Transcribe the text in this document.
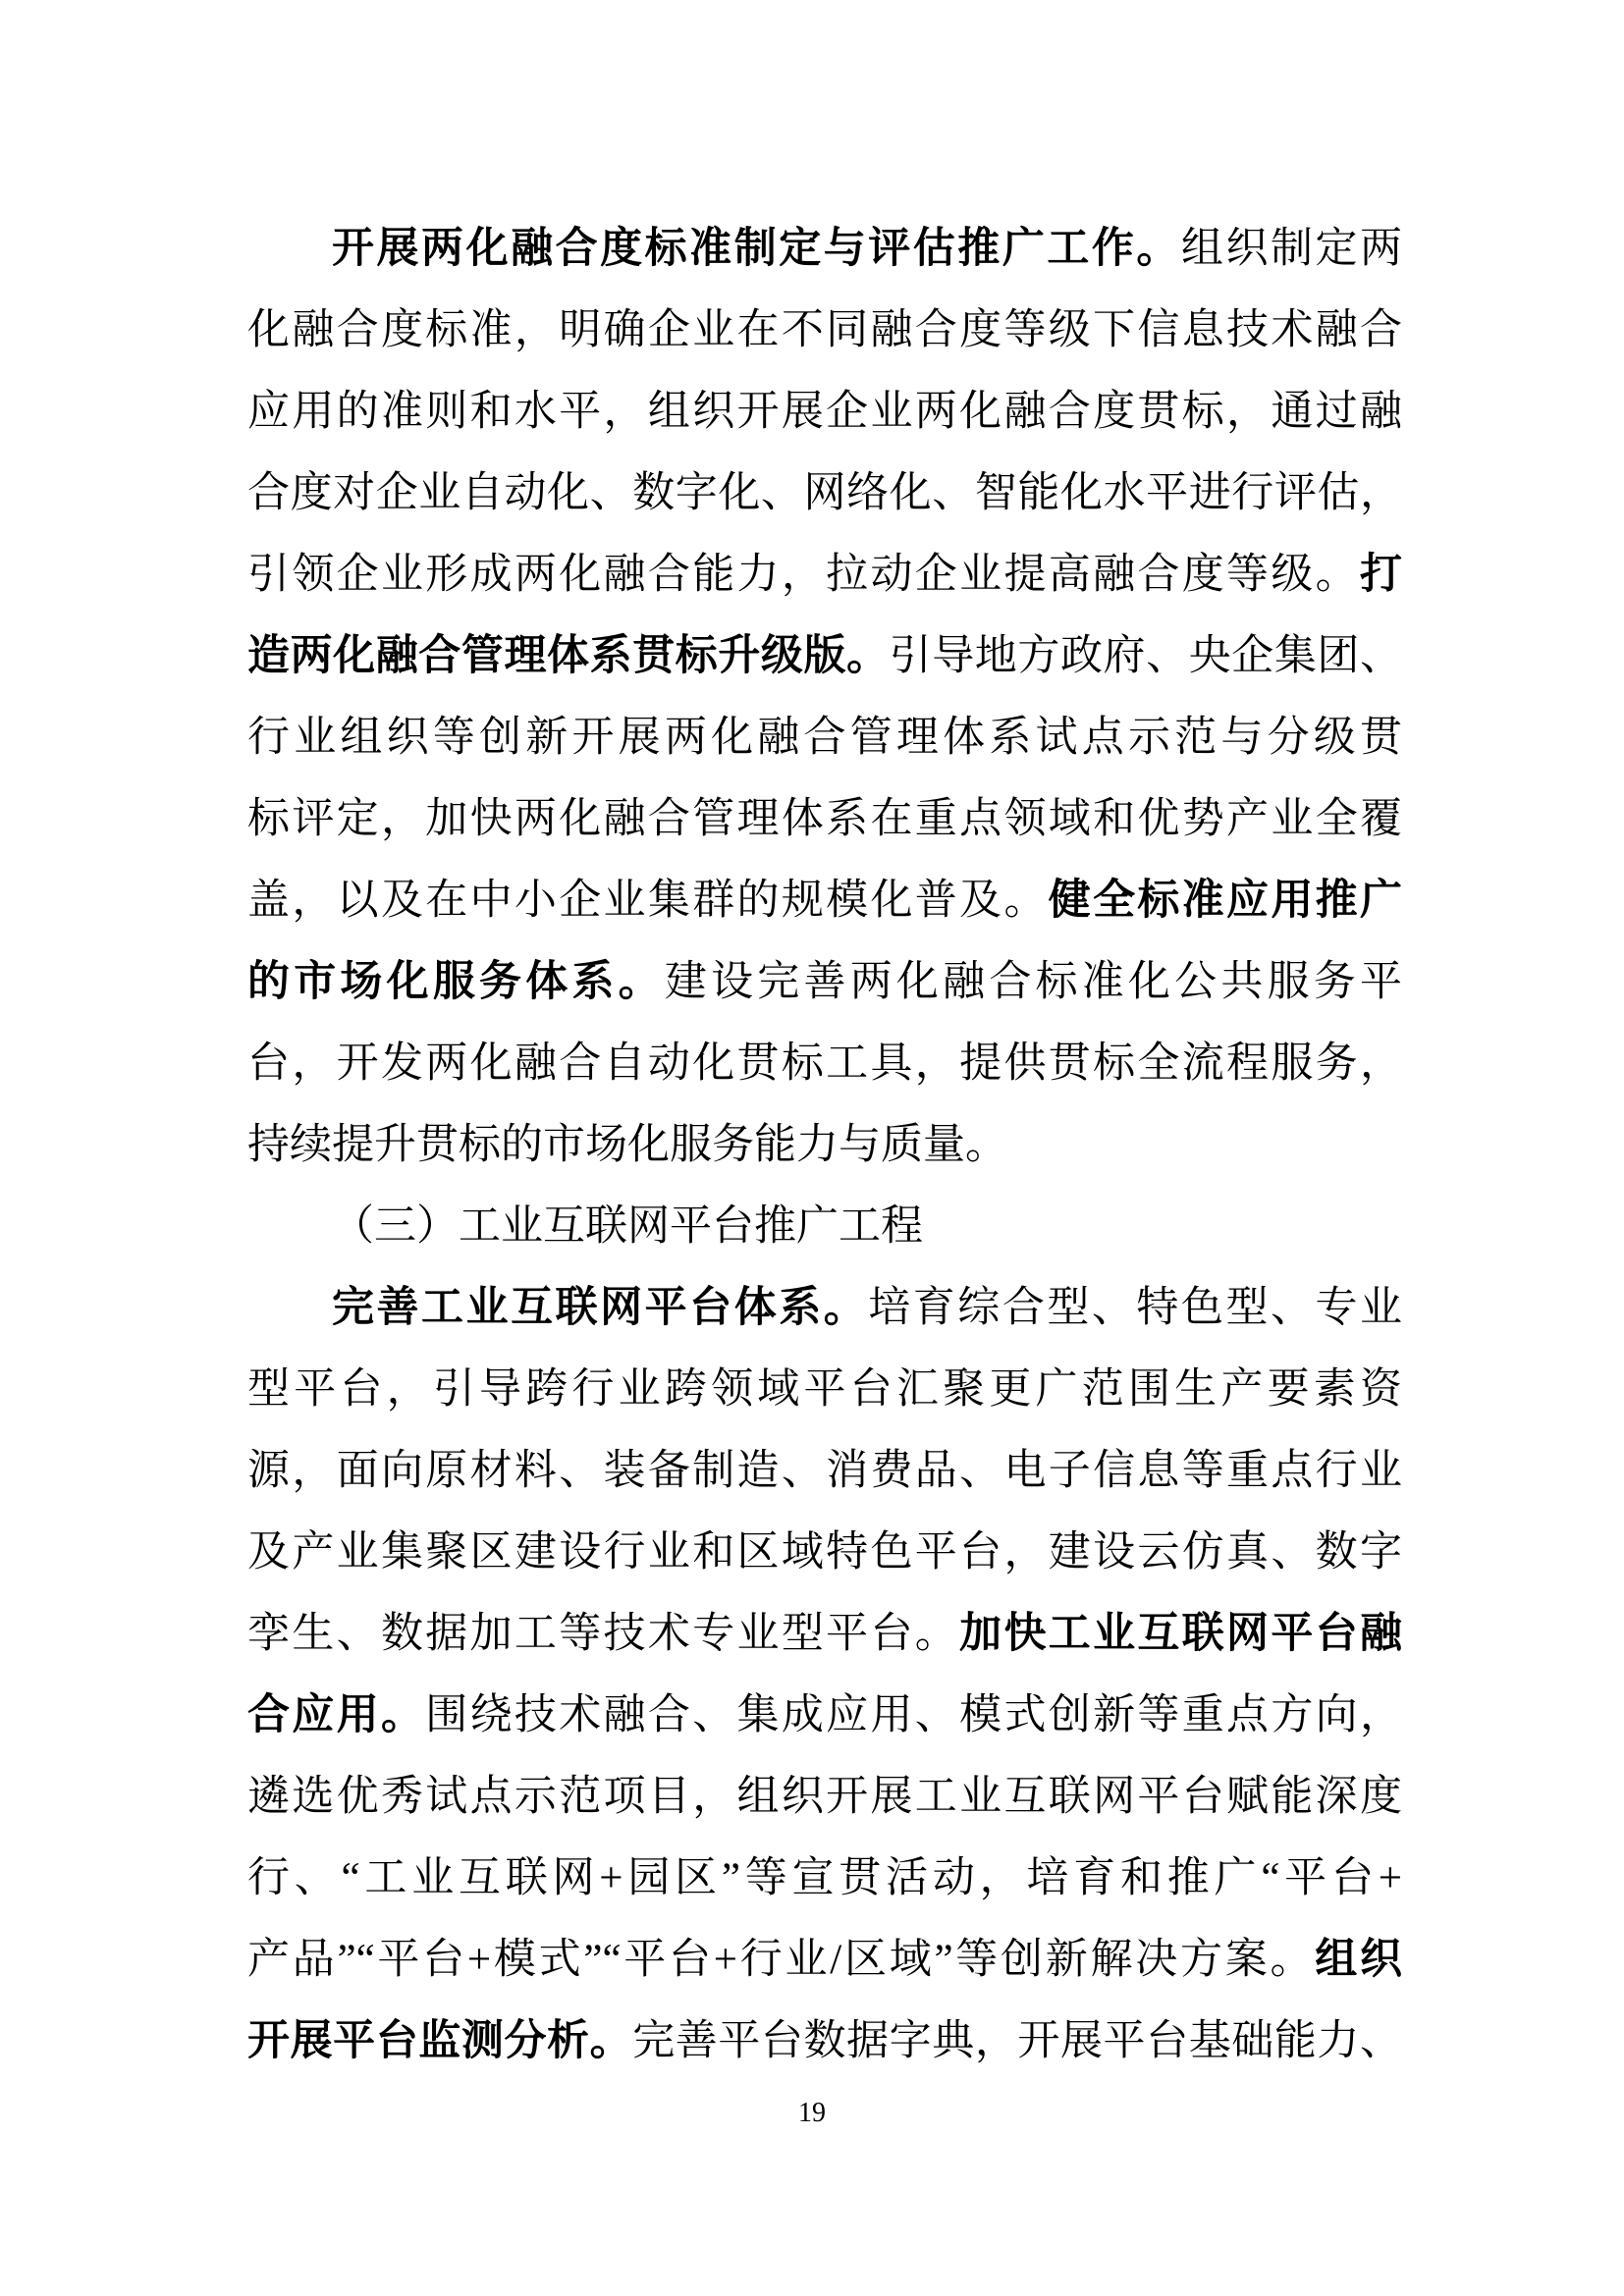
开展两化融合度标准制定与评估推广工作。组织制定两
化融合度标准，明确企业在不同融合度等级下信息技术融合
应用的准则和水平，组织开展企业两化融合度贯标，通过融
合度对企业自动化、数字化、网络化、智能化水平进行评估，
引领企业形成两化融合能力，拉动企业提高融合度等级。打
造两化融合管理体系贯标升级版。引导地方政府、央企集团、
行业组织等创新开展两化融合管理体系试点示范与分级贯
标评定，加快两化融合管理体系在重点领域和优势产业全覆
盖，以及在中小企业集群的规模化普及。健全标准应用推广
的市场化服务体系。建设完善两化融合标准化公共服务平
台，开发两化融合自动化贯标工具，提供贯标全流程服务，
持续提升贯标的市场化服务能力与质量。
（三）工业互联网平台推广工程
完善工业互联网平台体系。培育综合型、特色型、专业
型平台，引导跨行业跨领域平台汇聚更广范围生产要素资
源，面向原材料、装备制造、消费品、电子信息等重点行业
及产业集聚区建设行业和区域特色平台，建设云仿真、数字
孪生、数据加工等技术专业型平台。加快工业互联网平台融
合应用。围绕技术融合、集成应用、模式创新等重点方向，
遴选优秀试点示范项目，组织开展工业互联网平台赋能深度
行、“工业互联网+园区”等宣贯活动，培育和推广“平台+
产品”“平台+模式”“平台+行业/区域”等创新解决方案。组织
开展平台监测分析。完善平台数据字典，开展平台基础能力、
19
